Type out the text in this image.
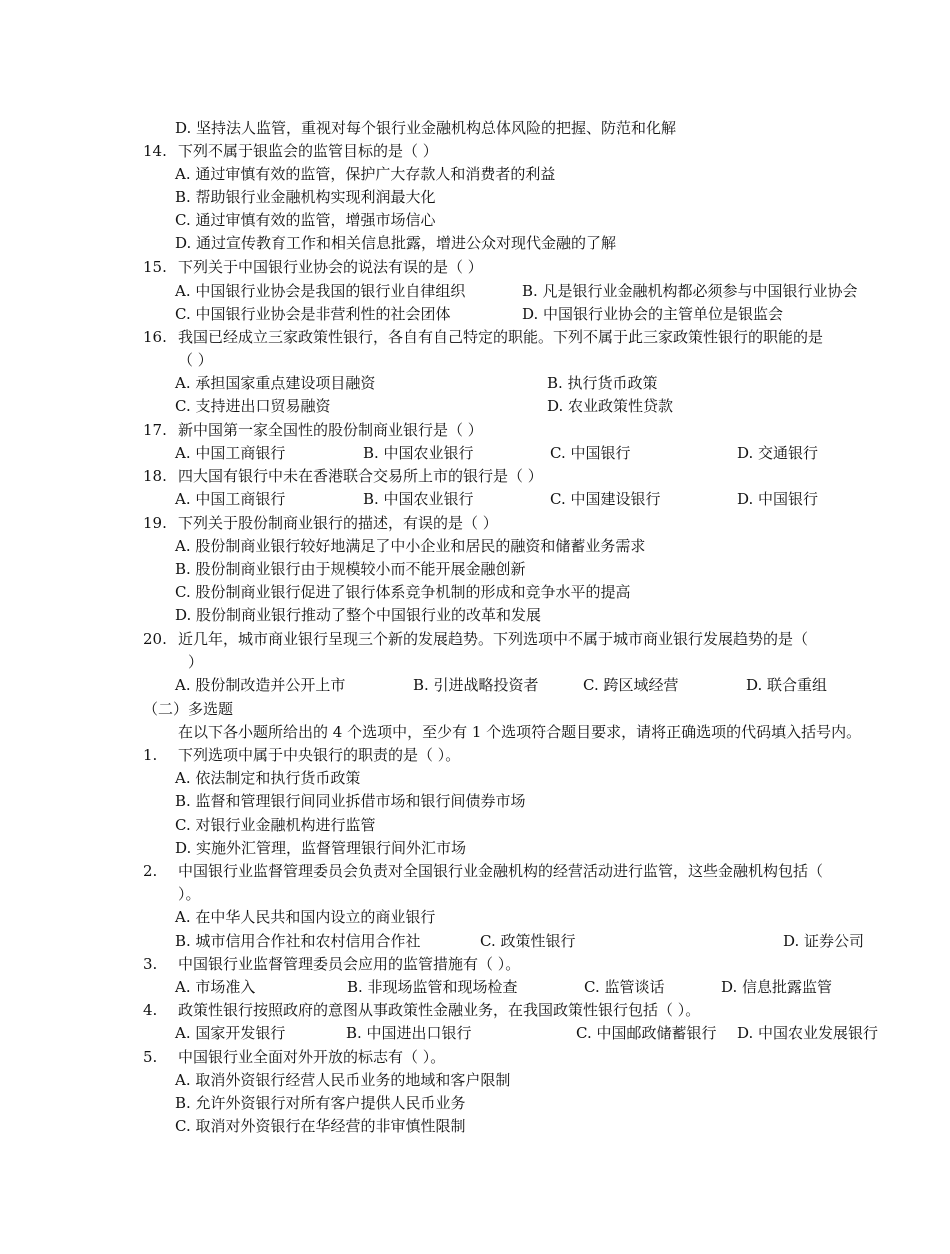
D. 坚持法人监管，重视对每个银行业金融机构总体风险的把握、防范和化解
14. 下列不属于银监会的监管目标的是（ ）
A. 通过审慎有效的监管，保护广大存款人和消费者的利益
B. 帮助银行业金融机构实现利润最大化
C. 通过审慎有效的监管，增强市场信心
D. 通过宣传教育工作和相关信息批露，增进公众对现代金融的了解
15. 下列关于中国银行业协会的说法有误的是（ ）
A. 中国银行业协会是我国的银行业自律组织	B. 凡是银行业金融机构都必须参与中国银行业协会
C. 中国银行业协会是非营利性的社会团体	D. 中国银行业协会的主管单位是银监会
16. 我国已经成立三家政策性银行，各自有自己特定的职能。下列不属于此三家政策性银行的职能的是
（ ）
A. 承担国家重点建设项目融资	B. 执行货币政策
C. 支持进出口贸易融资	D. 农业政策性贷款
17. 新中国第一家全国性的股份制商业银行是（ ）
A. 中国工商银行	B. 中国农业银行	C. 中国银行	D. 交通银行
18. 四大国有银行中未在香港联合交易所上市的银行是（ ）
A. 中国工商银行	B. 中国农业银行	C. 中国建设银行	D. 中国银行
19. 下列关于股份制商业银行的描述，有误的是（ ）
A. 股份制商业银行较好地满足了中小企业和居民的融资和储蓄业务需求
B. 股份制商业银行由于规模较小而不能开展金融创新
C. 股份制商业银行促进了银行体系竞争机制的形成和竞争水平的提高
D. 股份制商业银行推动了整个中国银行业的改革和发展
20. 近几年，城市商业银行呈现三个新的发展趋势。下列选项中不属于城市商业银行发展趋势的是（
）
A. 股份制改造并公开上市	B. 引进战略投资者	C. 跨区域经营	D. 联合重组
（二）多选题
在以下各小题所给出的 4 个选项中，至少有 1 个选项符合题目要求，请将正确选项的代码填入括号内。
1.	下列选项中属于中央银行的职责的是（ ）。
A. 依法制定和执行货币政策
B. 监督和管理银行间同业拆借市场和银行间债券市场
C. 对银行业金融机构进行监管
D. 实施外汇管理，监督管理银行间外汇市场
2.	中国银行业监督管理委员会负责对全国银行业金融机构的经营活动进行监管，这些金融机构包括（
）。
A. 在中华人民共和国内设立的商业银行
B. 城市信用合作社和农村信用合作社	C. 政策性银行	D. 证券公司
3.	中国银行业监督管理委员会应用的监管措施有（ ）。
A. 市场准入	B. 非现场监管和现场检查	C. 监管谈话	D. 信息批露监管
4.	政策性银行按照政府的意图从事政策性金融业务，在我国政策性银行包括（ ）。
A. 国家开发银行	B. 中国进出口银行	C. 中国邮政储蓄银行 D. 中国农业发展银行
5.	中国银行业全面对外开放的标志有（ ）。
A. 取消外资银行经营人民币业务的地域和客户限制
B. 允许外资银行对所有客户提供人民币业务
C. 取消对外资银行在华经营的非审慎性限制
